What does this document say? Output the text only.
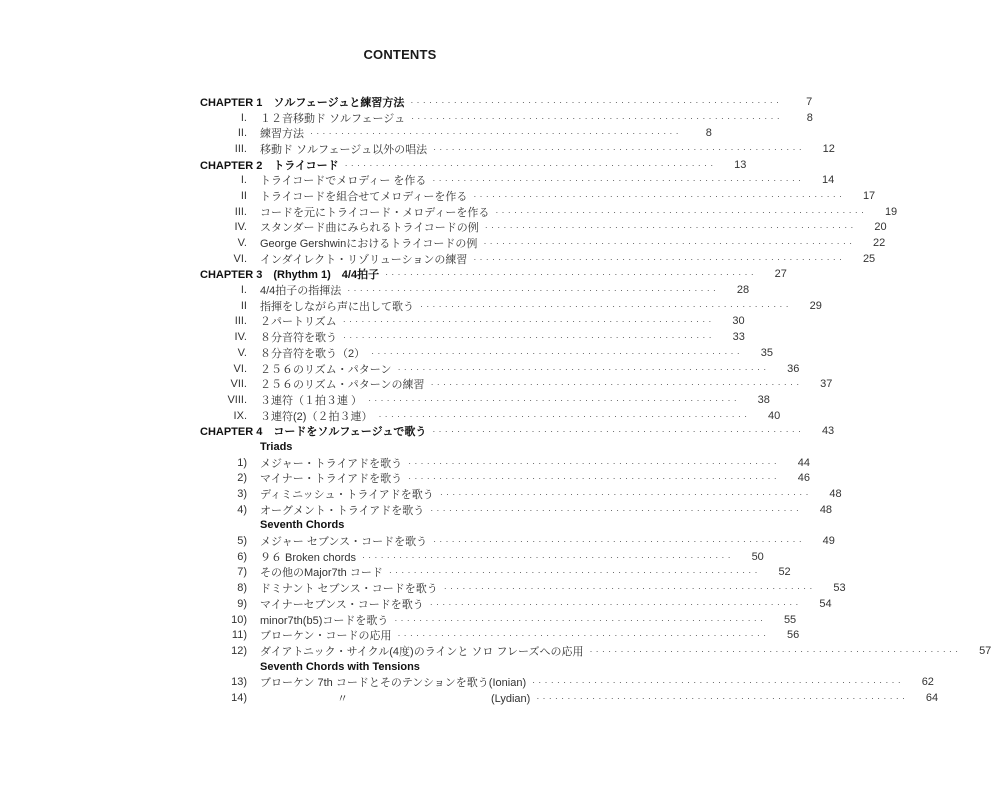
CONTENTS
CHAPTER 1　ソルフェージュと練習方法 ····························································	7
I. １２音移動ド ソルフェージュ ····························································	8
II. 練習方法 ····························································	8
III. 移動ド ソルフェージュ以外の唱法 ····························································	12
CHAPTER 2　トライコード ····························································	13
I. トライコードでメロディー を作る ····························································	14
II トライコードを組合せてメロディーを作る ····························································	17
III. コードを元にトライコード・メロディーを作る ····························································	19
IV. スタンダード曲にみられるトライコードの例 ····························································	20
V. George Gershwinにおけるトライコードの例 ····························································	22
VI. インダイレクト・リゾリューションの練習 ····························································	25
CHAPTER 3　(Rhythm 1)　4/4拍子 ····························································	27
I. 4/4拍子の指揮法 ····························································	28
II 指揮をしながら声に出して歌う ····························································	29
III. ２パートリズム ····························································	30
IV. ８分音符を歌う ····························································	33
V. ８分音符を歌う（2） ····························································	35
VI. ２５６のリズム・パターン ····························································	36
VII. ２５６のリズム・パターンの練習 ····························································	37
VIII. ３連符（１拍３連 ） ····························································	38
IX. ３連符(2)（２拍３連） ····························································	40
CHAPTER 4　コードをソルフェージュで歌う ····························································	43
Triads
1) メジャー・トライアドを歌う ····························································	44
2) マイナー・トライアドを歌う ····························································	46
3) ディミニッシュ・トライアドを歌う ····························································	48
4) オーグメント・トライアドを歌う ····························································	48
Seventh Chords
5) メジャー セブンス・コードを歌う ····························································	49
6) ９６ Broken chords ····························································	50
7) その他のMajor7th コード ····························································	52
8) ドミナント セブンス・コードを歌う ····························································	53
9) マイナーセブンス・コードを歌う ····························································	54
10) minor7th(b5)コードを歌う ····························································	55
11) ブローケン・コードの応用 ····························································	56
12) ダイアトニック・サイクル(4度)のラインと ソロ フレーズへの応用 ····························································	57
Seventh Chords with Tensions
13) ブローケン 7th コードとそのテンションを歌う(Ionian) ····························································	62
14) 　　　　　　　〃　　　　　　　　　　　　　(Lydian) ····························································	64
